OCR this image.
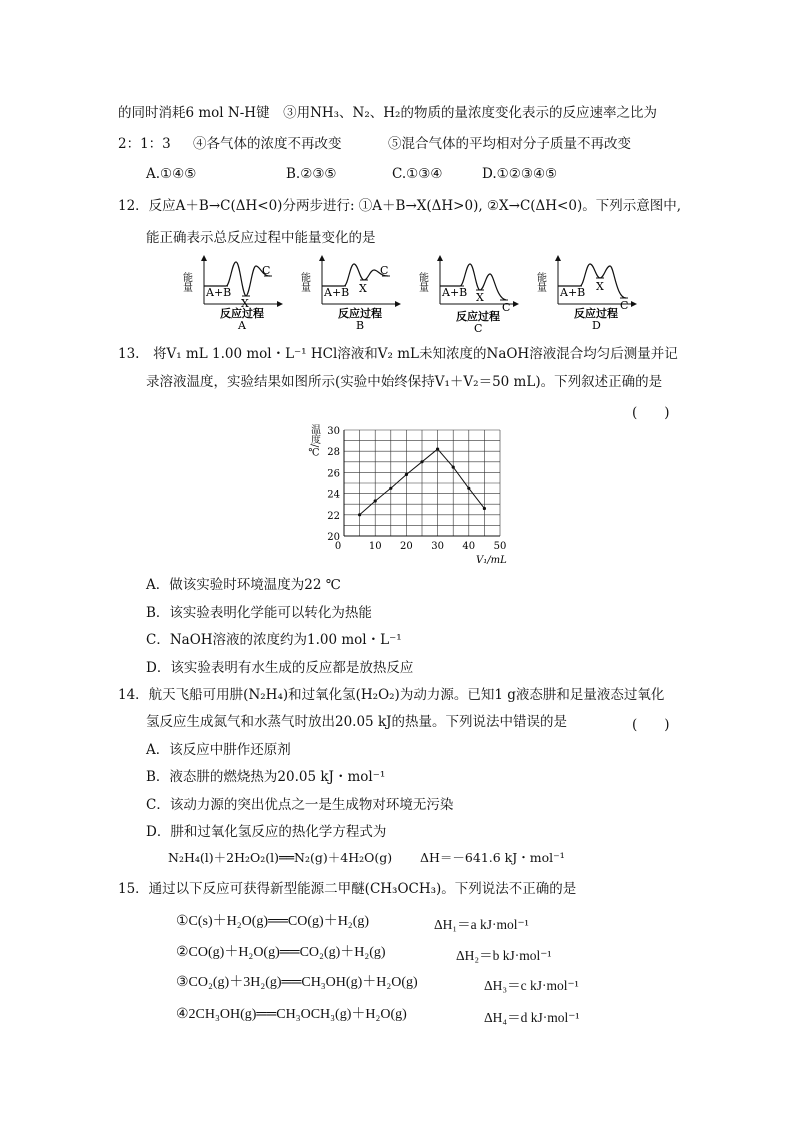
的同时消耗6 mol N-H键　③用NH₃、N₂、H₂的物质的量浓度变化表示的反应速率之比为
2：1：3 ④各气体的浓度不再改变	⑤混合气体的平均相对分子质量不再改变
A.①④⑤	B.②③⑤	C.①③④	D.①②③④⑤
12．反应A＋B→C(ΔH<0)分两步进行: ①A＋B→X(ΔH>0), ②X→C(ΔH<0)。下列示意图中,
能正确表示总反应过程中能量变化的是
能量
A+B
X
C
反应过程
A
能量
A+B X
C
反应过程
B
能量
A+B X
C
反应过程
C
能量
A+B X
C
反应过程
D
13.　将V₁ mL 1.00 mol・L⁻¹ HCl溶液和V₂ mL未知浓度的NaOH溶液混合均匀后测量并记
录溶液温度，实验结果如图所示(实验中始终保持V₁＋V₂＝50 mL)。下列叙述正确的是
(　　)
20
22
24
26
28
30
10 20 30 40 50
0
温度/℃
V₁/mL
A．做该实验时环境温度为22 ℃
B．该实验表明化学能可以转化为热能
C．NaOH溶液的浓度约为1.00 mol・L⁻¹
D．该实验表明有水生成的反应都是放热反应
14．航天飞船可用肼(N₂H₄)和过氧化氢(H₂O₂)为动力源。已知1 g液态肼和足量液态过氧化
氢反应生成氮气和水蒸气时放出20.05 kJ的热量。下列说法中错误的是	(　　)
A．该反应中肼作还原剂
B．液态肼的燃烧热为20.05 kJ・mol⁻¹
C．该动力源的突出优点之一是生成物对环境无污染
D．肼和过氧化氢反应的热化学方程式为
N₂H₄(l)＋2H₂O₂(l)══N₂(g)＋4H₂O(g) ΔH＝－641.6 kJ・mol⁻¹
15．通过以下反应可获得新型能源二甲醚(CH₃OCH₃)。下列说法不正确的是
①C(s)＋H₂O(g)══CO(g)＋H₂(g)	ΔH₁＝a kJ·mol⁻¹
②CO(g)＋H₂O(g)══CO₂(g)＋H₂(g)	ΔH₂＝b kJ·mol⁻¹
③CO₂(g)＋3H₂(g)══CH₃OH(g)＋H₂O(g)	ΔH₃＝c kJ·mol⁻¹
④2CH₃OH(g)══CH₃OCH₃(g)＋H₂O(g)	ΔH₄＝d kJ·mol⁻¹
